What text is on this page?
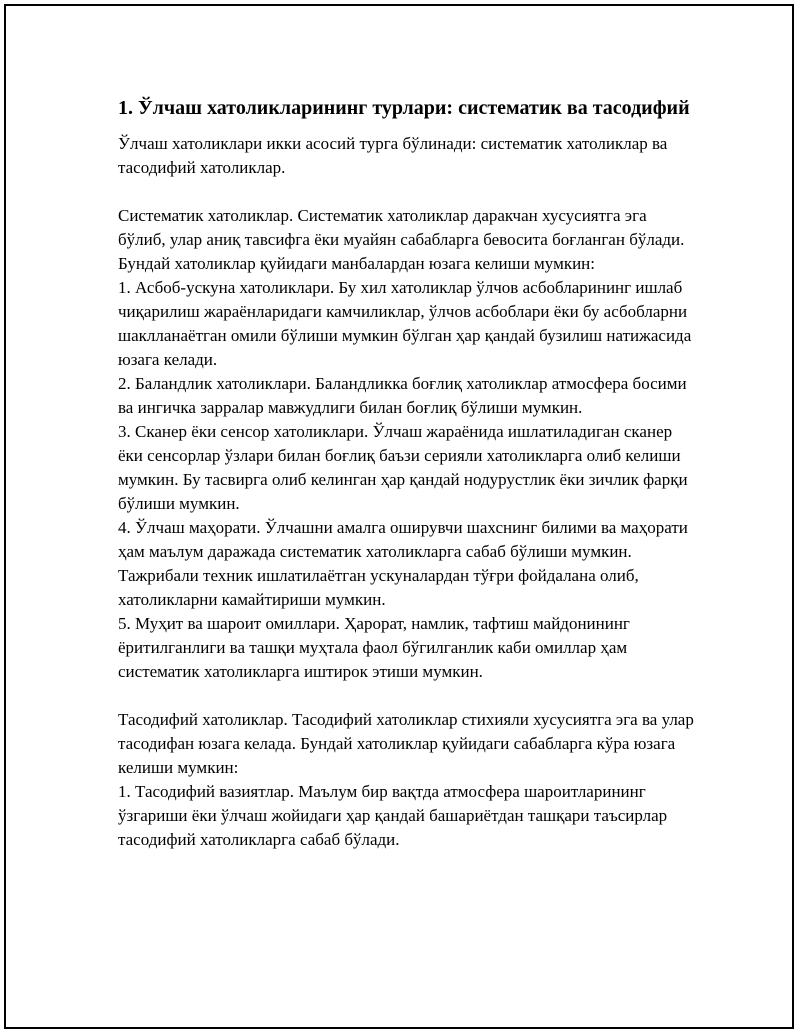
1. Ўлчаш хатоликларининг турлари: систематик ва тасодифий

Ўлчаш хатоликлари икки асосий турга бўлинади: систематик хатоликлар ва тасодифий хатоликлар.

Систематик хатоликлар. Систематик хатоликлар даракчан хусусиятга эга бўлиб, улар аниқ тавсифга ёки муайян сабабларга бевосита боғланган бўлади. Бундай хатоликлар қуйидаги манбалардан юзага келиши мумкин:

1. Асбоб-ускуна хатоликлари. Бу хил хатоликлар ўлчов асбобларининг ишлаб чиқарилиш жараёнларидаги камчиликлар, ўлчов асбоблари ёки бу асбобларни шаклланаётган омили бўлиши мумкин бўлган ҳар қандай бузилиш натижасида юзага келади.

2. Баландлик хатоликлари. Баландликка боғлиқ хатоликлар атмосфера босими ва ингичка зарралар мавжудлиги билан боғлиқ бўлиши мумкин.

3. Сканер ёки сенсор хатоликлари. Ўлчаш жараёнида ишлатиладиган сканер ёки сенсорлар ўзлари билан боғлиқ баъзи серияли хатоликларга олиб келиши мумкин. Бу тасвирга олиб келинган ҳар қандай нодурустлик ёки зичлик фарқи бўлиши мумкин.

4. Ўлчаш маҳорати. Ўлчашни амалга оширувчи шахснинг билими ва маҳорати ҳам маълум даражада систематик хатоликларга сабаб бўлиши мумкин. Тажрибали техник ишлатилаётган ускуналардан тўғри фойдалана олиб, хатоликларни камайтириши мумкин.

5. Муҳит ва шароит омиллари. Ҳарорат, намлик, тафтиш майдонининг ёритилганлиги ва ташқи муҳтала фаол бўгилганлик каби омиллар ҳам систематик хатоликларга иштирок этиши мумкин.

Тасодифий хатоликлар. Тасодифий хатоликлар стихияли хусусиятга эга ва улар тасодифан юзага келада. Бундай хатоликлар қуйидаги сабабларга кўра юзага келиши мумкин:

1. Тасодифий вазиятлар. Маълум бир вақтда атмосфера шароитларининг ўзгариши ёки ўлчаш жойидаги ҳар қандай башариётдан ташқари таъсирлар тасодифий хатоликларга сабаб бўлади.
